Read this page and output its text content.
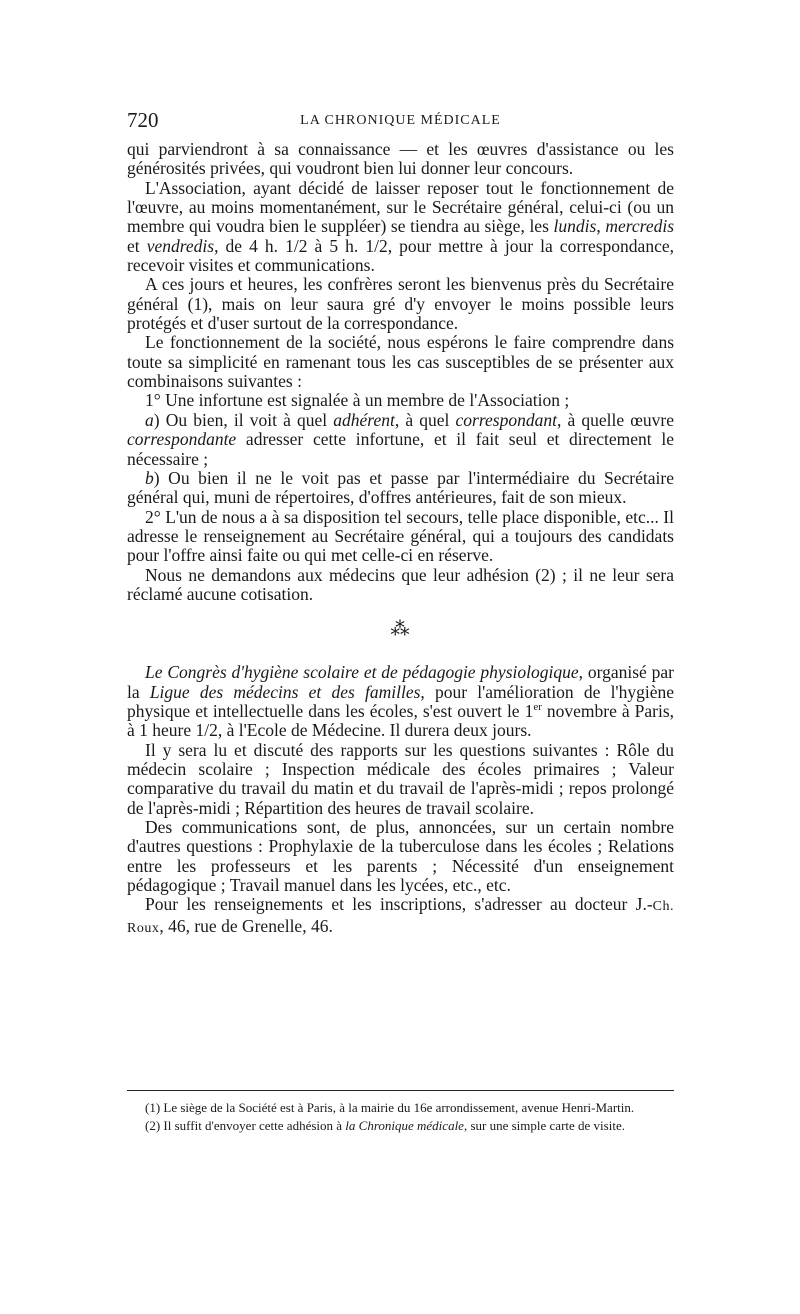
720	LA CHRONIQUE MÉDICALE

qui parviendront à sa connaissance — et les œuvres d'assistance ou les générosités privées, qui voudront bien lui donner leur concours.

L'Association, ayant décidé de laisser reposer tout le fonctionnement de l'œuvre, au moins momentanément, sur le Secrétaire général, celui-ci (ou un membre qui voudra bien le suppléer) se tiendra au siège, les lundis, mercredis et vendredis, de 4 h. 1/2 à 5 h. 1/2, pour mettre à jour la correspondance, recevoir visites et communications.

A ces jours et heures, les confrères seront les bienvenus près du Secrétaire général (1), mais on leur saura gré d'y envoyer le moins possible leurs protégés et d'user surtout de la correspondance.

Le fonctionnement de la société, nous espérons le faire comprendre dans toute sa simplicité en ramenant tous les cas susceptibles de se présenter aux combinaisons suivantes :

1° Une infortune est signalée à un membre de l'Association ;

a) Ou bien, il voit à quel adhérent, à quel correspondant, à quelle œuvre correspondante adresser cette infortune, et il fait seul et directement le nécessaire ;

b) Ou bien il ne le voit pas et passe par l'intermédiaire du Secrétaire général qui, muni de répertoires, d'offres antérieures, fait de son mieux.

2° L'un de nous a à sa disposition tel secours, telle place disponible, etc... Il adresse le renseignement au Secrétaire général, qui a toujours des candidats pour l'offre ainsi faite ou qui met celle-ci en réserve.

Nous ne demandons aux médecins que leur adhésion (2) ; il ne leur sera réclamé aucune cotisation.

⁂

Le Congrès d'hygiène scolaire et de pédagogie physiologique, organisé par la Ligue des médecins et des familles, pour l'amélioration de l'hygiène physique et intellectuelle dans les écoles, s'est ouvert le 1er novembre à Paris, à 1 heure 1/2, à l'Ecole de Médecine. Il durera deux jours.

Il y sera lu et discuté des rapports sur les questions suivantes : Rôle du médecin scolaire ; Inspection médicale des écoles primaires ; Valeur comparative du travail du matin et du travail de l'après-midi ; repos prolongé de l'après-midi ; Répartition des heures de travail scolaire.

Des communications sont, de plus, annoncées, sur un certain nombre d'autres questions : Prophylaxie de la tuberculose dans les écoles ; Relations entre les professeurs et les parents ; Nécessité d'un enseignement pédagogique ; Travail manuel dans les lycées, etc., etc.

Pour les renseignements et les inscriptions, s'adresser au docteur J.-Ch. Roux, 46, rue de Grenelle, 46.

(1) Le siège de la Société est à Paris, à la mairie du 16e arrondissement, avenue Henri-Martin.

(2) Il suffit d'envoyer cette adhésion à la Chronique médicale, sur une simple carte de visite.
